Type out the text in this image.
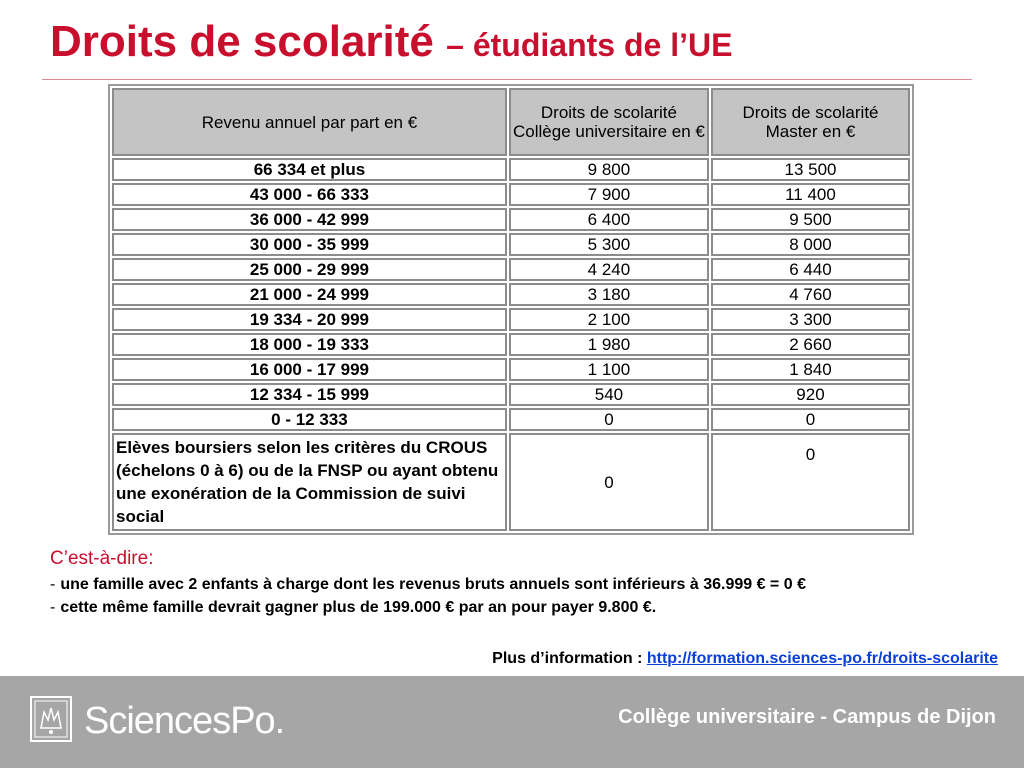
Droits de scolarité – étudiants de l’UE
Revenu annuel par part en €	Droits de scolarité Collège universitaire en €	Droits de scolarité Master en €
66 334 et plus	9 800	13 500
43 000 - 66 333	7 900	11 400
36 000 - 42 999	6 400	9 500
30 000 - 35 999	5 300	8 000
25 000 - 29 999	4 240	6 440
21 000 - 24 999	3 180	4 760
19 334 - 20 999	2 100	3 300
18 000 - 19 333	1 980	2 660
16 000 - 17 999	1 100	1 840
12 334 - 15 999	540	920
0 - 12 333	0	0
Elèves boursiers selon les critères du CROUS (échelons 0 à 6) ou de la FNSP ou ayant obtenu une exonération de la Commission de suivi social	0	0
C’est-à-dire:
- une famille avec 2 enfants à charge dont les revenus bruts annuels sont inférieurs à 36.999 € = 0 €
- cette même famille devrait gagner plus de 199.000 € par an pour payer 9.800 €.
Plus d’information : http://formation.sciences-po.fr/droits-scolarite
SciencesPo.	Collège universitaire - Campus de Dijon
